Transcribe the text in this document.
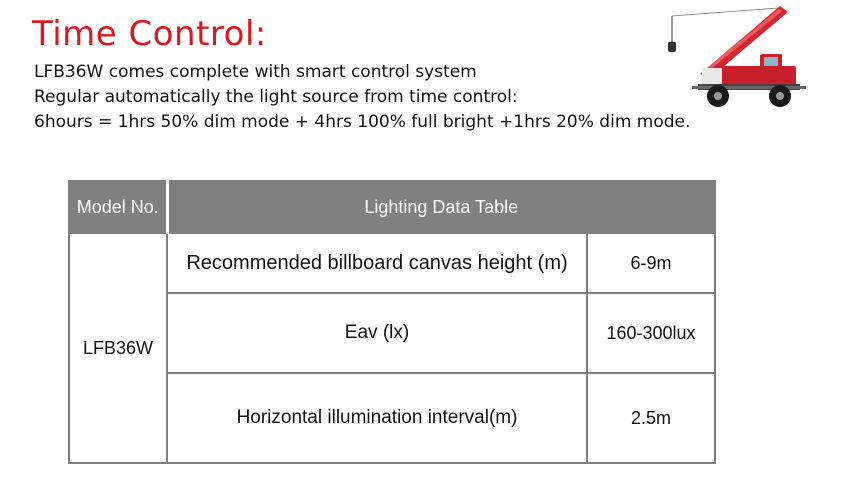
Time Control:
LFB36W comes complete with smart control system
Regular automatically the light source from time control:
6hours = 1hrs 50% dim mode + 4hrs 100% full bright +1hrs 20% dim mode.
Model No.	Lighting Data Table	
LFB36W	Recommended billboard canvas height (m)	6-9m
	Eav (lx)	160-300lux
	Horizontal illumination interval(m)	2.5m
